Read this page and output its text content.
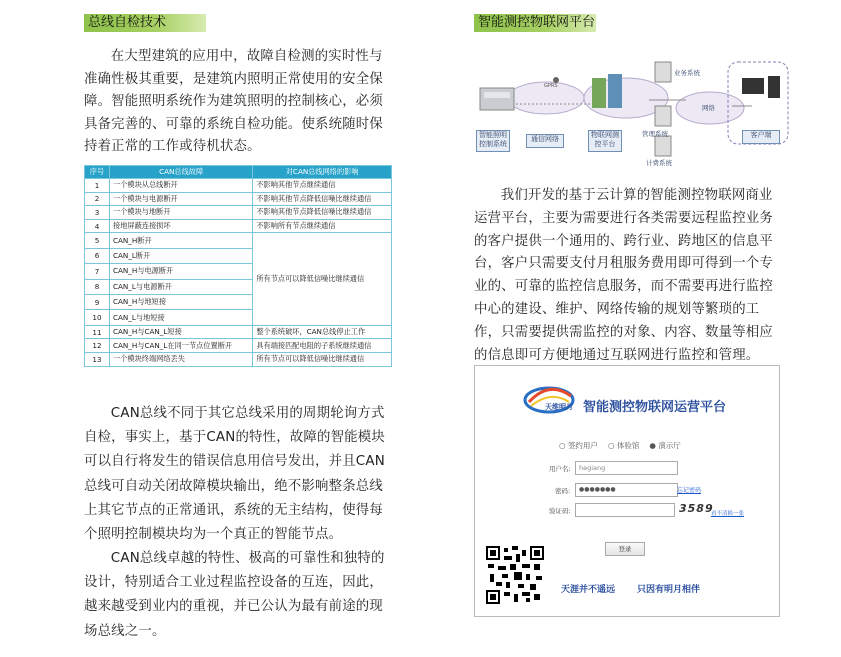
总线自检技术

在大型建筑的应用中，故障自检测的实时性与准确性极其重要，是建筑内照明正常使用的安全保障。智能照明系统作为建筑照明的控制核心，必须具备完善的、可靠的系统自检功能。使系统随时保持着正常的工作或待机状态。

序号	CAN总线故障	对CAN总线网络的影响
1	一个模块从总线断开	不影响其他节点继续通信
2	一个模块与电源断开	不影响其他节点降低信噪比继续通信
3	一个模块与地断开	不影响其他节点降低信噪比继续通信
4	接地屏蔽连接损坏	不影响所有节点继续通信
5	CAN_H断开	所有节点可以降低信噪比继续通信
6	CAN_L断开	
7	CAN_H与电源断开	
8	CAN_L与电源断开	
9	CAN_H与地短接	
10	CAN_L与地短接	
11	CAN_H与CAN_L短接	整个系统破坏，CAN总线停止工作
12	CAN_H与CAN_L在同一节点位置断开	具有端接匹配电阻的子系统继续通信
13	一个模块终端网络丢失	所有节点可以降低信噪比继续通信

CAN总线不同于其它总线采用的周期轮询方式自检，事实上，基于CAN的特性，故障的智能模块可以自行将发生的错误信息用信号发出，并且CAN总线可自动关闭故障模块输出，绝不影响整条总线上其它节点的正常通讯，系统的无主结构，使得每个照明控制模块均为一个真正的智能节点。

CAN总线卓越的特性、极高的可靠性和独特的设计，特别适合工业过程监控设备的互连，因此，越来越受到业内的重视，并已公认为最有前途的现场总线之一。

智能测控物联网平台
智能照明控制系统
通信网络	物联网测控平台
业务系统
管理系统
计费系统
网络
GPRS
客户端

我们开发的基于云计算的智能测控物联网商业运营平台，主要为需要进行各类需要远程监控业务的客户提供一个通用的、跨行业、跨地区的信息平台，客户只需要支付月租服务费用即可得到一个专业的、可靠的监控信息服务，而不需要再进行监控中心的建设、维护、网络传输的规划等繁琐的工作，只需要提供需监控的对象、内容、数量等相应的信息即可方便地通过互联网进行监控和管理。

天维明月 智能测控物联网运营平台
○ 签约用户 ○ 体验馆 ● 演示厅
用户名:	hegiang
密码:	●●●●●●●	忘记密码
验证码:	3589
看不清换一张
登录
天涯并不遥远 只因有明月相伴
